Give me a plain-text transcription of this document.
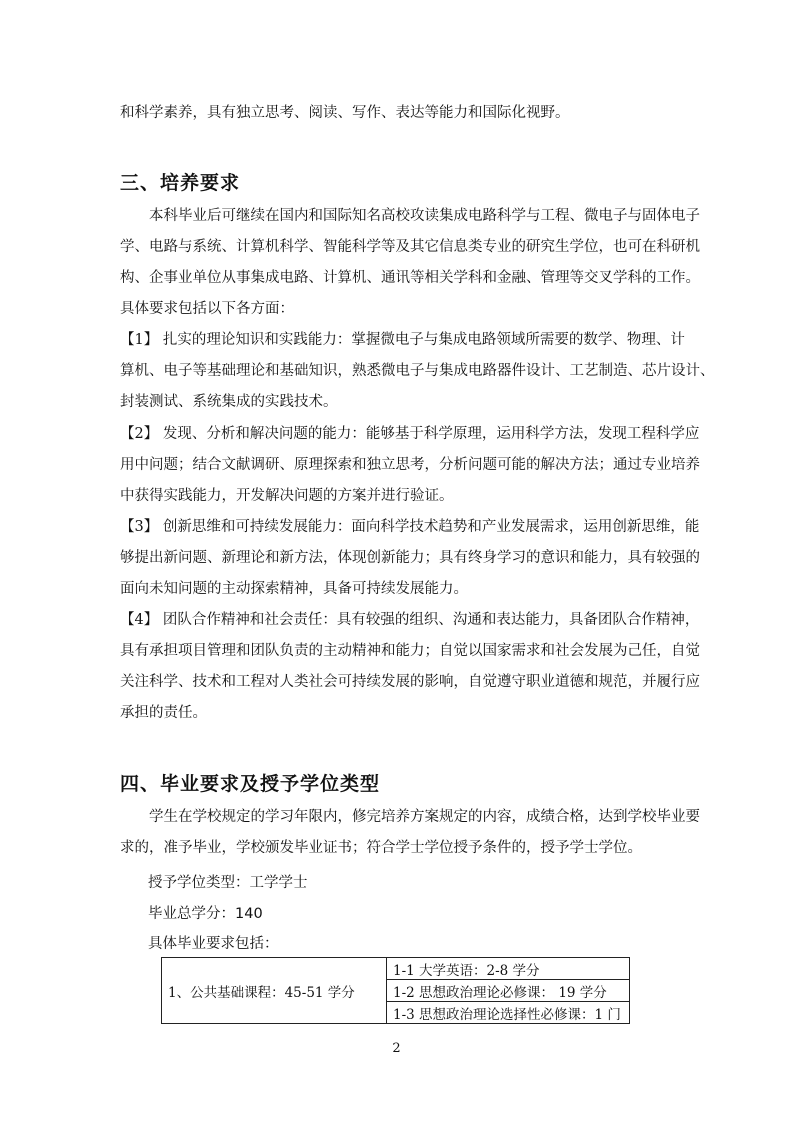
和科学素养，具有独立思考、阅读、写作、表达等能力和国际化视野。
三、培养要求
本科毕业后可继续在国内和国际知名高校攻读集成电路科学与工程、微电子与固体电子
学、电路与系统、计算机科学、智能科学等及其它信息类专业的研究生学位，也可在科研机
构、企事业单位从事集成电路、计算机、通讯等相关学科和金融、管理等交叉学科的工作。
具体要求包括以下各方面：
【1】 扎实的理论知识和实践能力：掌握微电子与集成电路领域所需要的数学、物理、计
算机、电子等基础理论和基础知识，熟悉微电子与集成电路器件设计、工艺制造、芯片设计、
封装测试、系统集成的实践技术。
【2】 发现、分析和解决问题的能力：能够基于科学原理，运用科学方法，发现工程科学应
用中问题；结合文献调研、原理探索和独立思考，分析问题可能的解决方法；通过专业培养
中获得实践能力，开发解决问题的方案并进行验证。
【3】 创新思维和可持续发展能力：面向科学技术趋势和产业发展需求，运用创新思维，能
够提出新问题、新理论和新方法，体现创新能力；具有终身学习的意识和能力，具有较强的
面向未知问题的主动探索精神，具备可持续发展能力。
【4】 团队合作精神和社会责任：具有较强的组织、沟通和表达能力，具备团队合作精神，
具有承担项目管理和团队负责的主动精神和能力；自觉以国家需求和社会发展为己任，自觉
关注科学、技术和工程对人类社会可持续发展的影响，自觉遵守职业道德和规范，并履行应
承担的责任。
四、毕业要求及授予学位类型
学生在学校规定的学习年限内，修完培养方案规定的内容，成绩合格，达到学校毕业要
求的，准予毕业，学校颁发毕业证书；符合学士学位授予条件的，授予学士学位。
授予学位类型：工学学士
毕业总学分：140
具体毕业要求包括：
1、公共基础课程：45-51 学分	1-1 大学英语：2-8 学分
1-2 思想政治理论必修课： 19 学分
1-3 思想政治理论选择性必修课：1 门
2
